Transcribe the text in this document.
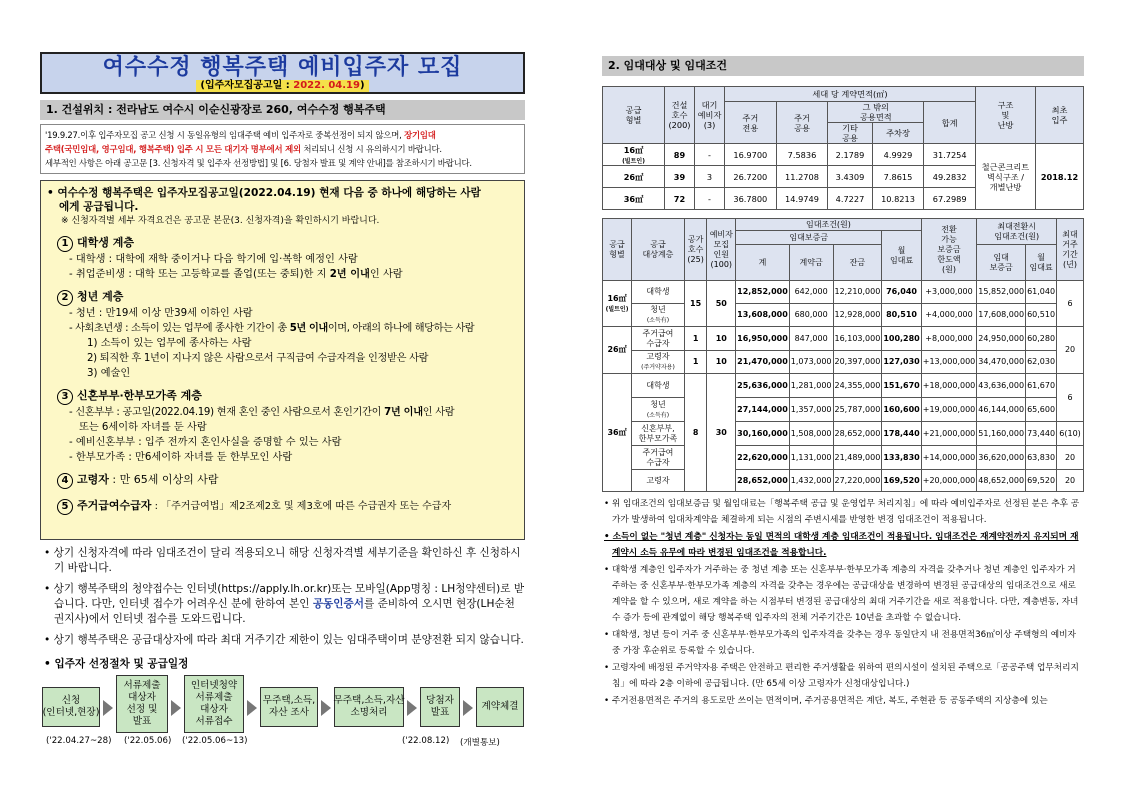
여수수정 행복주택 예비입주자 모집
(입주자모집공고일 : 2022. 04.19)
1. 건설위치 : 전라남도 여수시 이순신광장로 260, 여수수정 행복주택
'19.9.27.이후 입주자모집 공고 신청 시 동일유형의 임대주택 예비 입주자로 중복선정이 되지 않으며, 장기임대
주택(국민임대, 영구임대, 행복주택) 입주 시 모든 대기자 명부에서 제외 처리되니 신청 시 유의하시기 바랍니다.
세부적인 사항은 아래 공고문 [3. 신청자격 및 입주자 선정방법] 및 [6. 당첨자 발표 및 계약 안내]를 참조하시기 바랍니다.
• 여수수정 행복주택은 입주자모집공고일(2022.04.19) 현재 다음 중 하나에 해당하는 사람
에게 공급됩니다.
※ 신청자격별 세부 자격요건은 공고문 본문(3. 신청자격)을 확인하시기 바랍니다.
1 대학생 계층
- 대학생 : 대학에 재학 중이거나 다음 학기에 입·복학 예정인 사람
- 취업준비생 : 대학 또는 고등학교를 졸업(또는 중퇴)한 지 2년 이내인 사람
2 청년 계층
- 청년 : 만19세 이상 만39세 이하인 사람
- 사회초년생 : 소득이 있는 업무에 종사한 기간이 총 5년 이내이며, 아래의 하나에 해당하는 사람
1) 소득이 있는 업무에 종사하는 사람
2) 퇴직한 후 1년이 지나지 않은 사람으로서 구직급여 수급자격을 인정받은 사람
3) 예술인
3 신혼부부·한부모가족 계층
- 신혼부부 : 공고일(2022.04.19) 현재 혼인 중인 사람으로서 혼인기간이 7년 이내인 사람
또는 6세이하 자녀를 둔 사람
- 예비신혼부부 : 입주 전까지 혼인사실을 증명할 수 있는 사람
- 한부모가족 : 만6세이하 자녀를 둔 한부모인 사람
4 고령자 : 만 65세 이상의 사람
5 주거급여수급자 : 「주거급여법」제2조제2호 및 제3호에 따른 수급권자 또는 수급자
• 상기 신청자격에 따라 임대조건이 달리 적용되오니 해당 신청자격별 세부기준을 확인하신 후 신청하시기 바랍니다.
• 상기 행복주택의 청약접수는 인터넷(https://apply.lh.or.kr)또는 모바일(App명칭 : LH청약센터)로 받습니다. 다만, 인터넷 접수가 어려우신 분에 한하여 본인 공동인증서를 준비하여 오시면 현장(LH순천권지사)에서 인터넷 접수를 도와드립니다.
• 상기 행복주택은 공급대상자에 따라 최대 거주기간 제한이 있는 임대주택이며 분양전환 되지 않습니다.
• 입주자 선정절차 및 공급일정
신청
(인터넷,현장)
서류제출
대상자
선정 및
발표
인터넷청약
서류제출
대상자
서류접수
무주택,소득,
자산 조사
무주택,소득,자산
소명처리
당첨자
발표
계약체결
('22.04.27~28) ('22.05.06) ('22.05.06~13)	('22.08.12) (개별통보)
2. 임대대상 및 임대조건
공급
형별	건설
호수
(200)	대기
예비자
(3)	세대 당 계약면적(㎡)					구조
및
난방	최초
입주
			주거
전용	주거
공용	그 밖의
공용면적		합계		
					기타
공용	주차장			
16㎡
(빌트인)	89	-	16.9700	7.5836	2.1789	4.9929	31.7254	철근콘크리트
벽식구조 /
개별난방	2018.12
26㎡	39	3	26.7200	11.2708	3.4309	7.8615	49.2832		
36㎡	72	-	36.7800	14.9749	4.7227	10.8213	67.2989		
공급
형별	공급
대상계층	공가
호수
(25)	예비자
모집
인원
(100)	임대조건(원)				전환
가능
보증금
한도액
(원)	최대전환시
임대조건(원)		최대
거주
기간
(년)
				임대보증금			월
임대료				
				계	계약금	잔금			임대
보증금	월
임대료	
16㎡
(빌트인)	대학생	15	50	12,852,000	642,000	12,210,000	76,040	+3,000,000	15,852,000	61,040	6
	청년
(소득有)			13,608,000	680,000	12,928,000	80,510	+4,000,000	17,608,000	60,510	
26㎡	주거급여
수급자	1	10	16,950,000	847,000	16,103,000	100,280	+8,000,000	24,950,000	60,280	20
	고령자
(주거약자용)	1	10	21,470,000	1,073,000	20,397,000	127,030	+13,000,000	34,470,000	62,030	
36㎡	대학생	8	30	25,636,000	1,281,000	24,355,000	151,670	+18,000,000	43,636,000	61,670	6
	청년
(소득有)			27,144,000	1,357,000	25,787,000	160,600	+19,000,000	46,144,000	65,600	
	신혼부부,
한부모가족			30,160,000	1,508,000	28,652,000	178,440	+21,000,000	51,160,000	73,440	6(10)
	주거급여
수급자			22,620,000	1,131,000	21,489,000	133,830	+14,000,000	36,620,000	63,830	20
	고령자			28,652,000	1,432,000	27,220,000	169,520	+20,000,000	48,652,000	69,520	20
• 위 임대조건의 임대보증금 및 월임대료는「행복주택 공급 및 운영업무 처리지침」에 따라 예비입주자로 선정된 분은 추후 공가가 발생하여 임대차계약을 체결하게 되는 시점의 주변시세를 반영한 변경 임대조건이 적용됩니다.
• 소득이 없는 "청년 계층" 신청자는 동일 면적의 대학생 계층 임대조건이 적용됩니다. 임대조건은 재계약전까지 유지되며 재계약시 소득 유무에 따라 변경된 임대조건을 적용합니다.
• 대학생 계층인 입주자가 거주하는 중 청년 계층 또는 신혼부부·한부모가족 계층의 자격을 갖추거나 청년 계층인 입주자가 거주하는 중 신혼부부·한부모가족 계층의 자격을 갖추는 경우에는 공급대상을 변경하여 변경된 공급대상의 임대조건으로 새로 계약을 할 수 있으며, 새로 계약을 하는 시점부터 변경된 공급대상의 최대 거주기간을 새로 적용합니다. 다만, 계층변동, 자녀수 증가 등에 관계없이 해당 행복주택 입주자의 전체 거주기간은 10년을 초과할 수 없습니다.
• 대학생, 청년 등이 거주 중 신혼부부·한부모가족의 입주자격을 갖추는 경우 동일단지 내 전용면적36㎡이상 주택형의 예비자 중 가장 후순위로 등록할 수 있습니다.
• 고령자에 배정된 주거약자용 주택은 안전하고 편리한 주거생활을 위하여 편의시설이 설치된 주택으로「공공주택 업무처리지침」에 따라 2층 이하에 공급됩니다. (만 65세 이상 고령자가 신청대상입니다.)
• 주거전용면적은 주거의 용도로만 쓰이는 면적이며, 주거공용면적은 계단, 복도, 주현관 등 공동주택의 지상층에 있는
